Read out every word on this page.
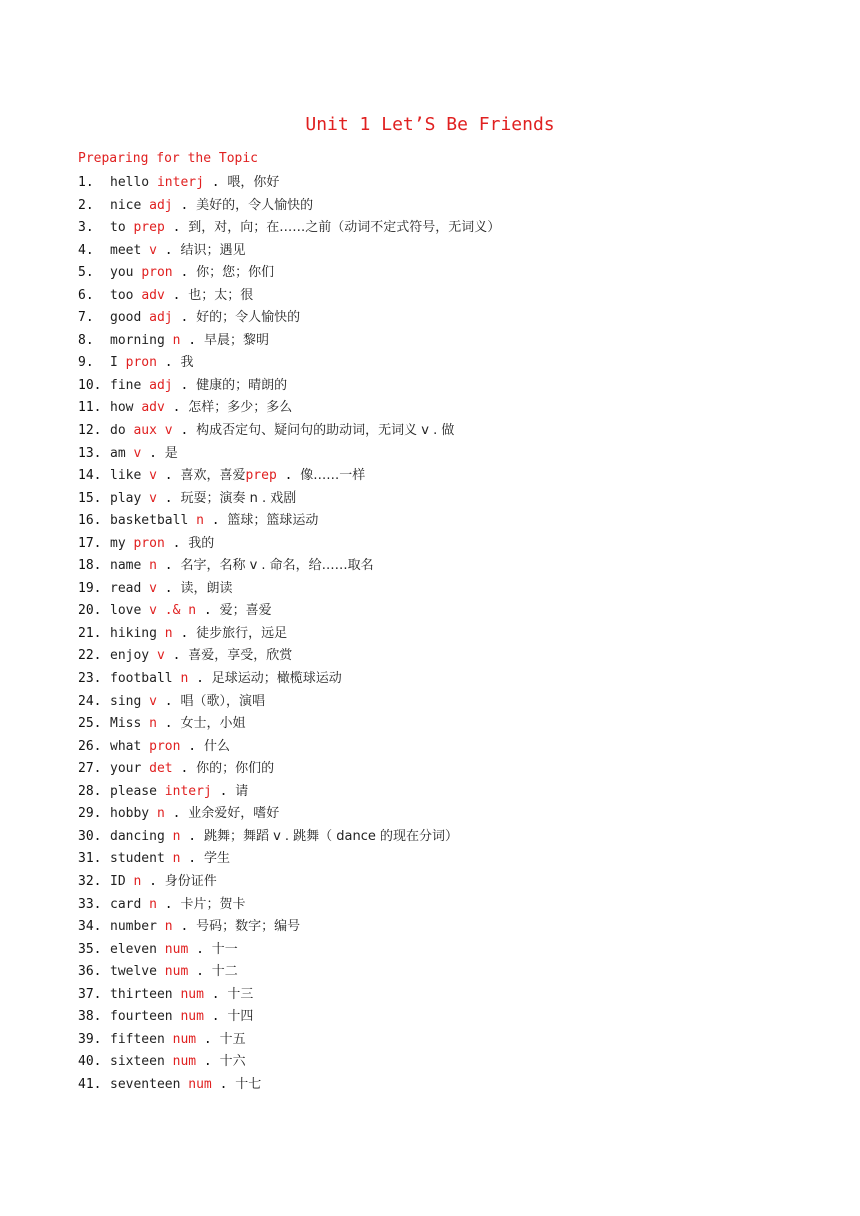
Unit 1 Let’S Be Friends
Preparing for the Topic
1. hello interj . 喂，你好
2. nice adj . 美好的，令人愉快的
3. to prep . 到，对，向；在……之前（动词不定式符号，无词义）
4. meet v . 结识；遇见
5. you pron . 你；您；你们
6. too adv . 也；太；很
7. good adj . 好的；令人愉快的
8. morning n . 早晨；黎明
9. I pron . 我
10. fine adj . 健康的；晴朗的
11. how adv . 怎样；多少；多么
12. do aux v . 构成否定句、疑问句的助动词，无词义 v . 做
13. am v . 是
14. like v . 喜欢，喜爱prep . 像……一样
15. play v . 玩耍；演奏 n . 戏剧
16. basketball n . 篮球；篮球运动
17. my pron . 我的
18. name n . 名字，名称 v . 命名，给……取名
19. read v . 读，朗读
20. love v .& n . 爱；喜爱
21. hiking n . 徒步旅行，远足
22. enjoy v . 喜爱，享受，欣赏
23. football n . 足球运动；橄榄球运动
24. sing v . 唱（歌），演唱
25. Miss n . 女士，小姐
26. what pron . 什么
27. your det . 你的；你们的
28. please interj . 请
29. hobby n . 业余爱好，嗜好
30. dancing n . 跳舞；舞蹈 v . 跳舞（ dance 的现在分词）
31. student n . 学生
32. ID n . 身份证件
33. card n . 卡片；贺卡
34. number n . 号码；数字；编号
35. eleven num . 十一
36. twelve num . 十二
37. thirteen num . 十三
38. fourteen num . 十四
39. fifteen num . 十五
40. sixteen num . 十六
41. seventeen num . 十七
